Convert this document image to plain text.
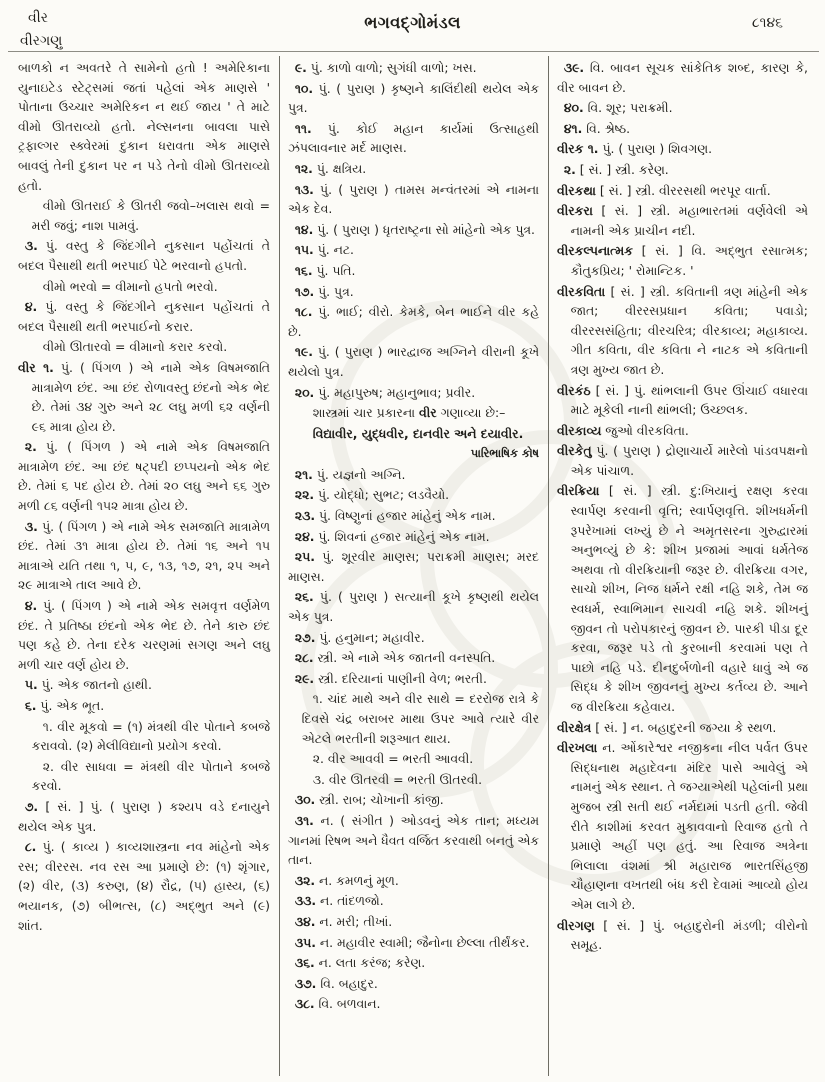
વીર	ભગવદ્ગોમંડલ	૮૧૪૬
વીરગણુ

બાળકો ન અવતરે તે સામેનો હતો ! અમેરિકાના યુનાઇટેડ સ્ટેટ્સમાં જતાં પહેલાં એક માણસે ' પોતાના ઉચ્ચાર અમેરિકન ન થઈ જાય ' તે માટે વીમો ઊતરાવ્યો હતો. નેલ્સનના બાવલા પાસે ટ્રફાલ્ગર સ્ક્વેરમાં દુકાન ધરાવતા એક માણસે બાવલું તેની દુકાન પર ન પડે તેનો વીમો ઊતરાવ્યો હતો.

વીમો ઊતરાઈ કે ઊતરી જવો–ખલાસ થવો = મરી જવું; નાશ પામવું.

૩. પું. વસ્તુ કે જિંદગીને નુકસાન પહોંચતાં તે બદલ પૈસાથી થતી ભરપાઈ પેટે ભરવાનો હપતો.

વીમો ભરવો = વીમાનો હપતો ભરવો.

૪. પું. વસ્તુ કે જિંદગીને નુકસાન પહોંચતાં તે બદલ પૈસાથી થતી ભરપાઈનો કરાર.

વીમો ઊતારવો = વીમાનો કરાર કરવો.

વીર ૧. પું. ( પિંગળ ) એ નામે એક વિષમજાતિ માત્રામેળ છંદ. આ છંદ રોળાવસ્તુ છંદનો એક ભેદ છે. તેમાં ૩૪ ગુરુ અને ૨૮ લઘુ મળી ૬૨ વર્ણની ૯૬ માત્રા હોય છે.

૨. પું. ( પિંગળ ) એ નામે એક વિષમજાતિ માત્રામેળ છંદ. આ છંદ ષટ્પદી છપ્પયનો એક ભેદ છે. તેમાં ૬ પદ હોય છે. તેમાં ૨૦ લઘુ અને ૬૬ ગુરુ મળી ૮૬ વર્ણની ૧૫૨ માત્રા હોય છે.

૩. પું. ( પિંગળ ) એ નામે એક સમજાતિ માત્રામેળ છંદ. તેમાં ૩૧ માત્રા હોય છે. તેમાં ૧૬ અને ૧૫ માત્રાએ યતિ તથા ૧, ૫, ૯, ૧૩, ૧૭, ૨૧, ૨૫ અને ૨૯ માત્રાએ તાલ આવે છે.

૪. પું. ( પિંગળ ) એ નામે એક સમવૃત્ત વર્ણમેળ છંદ. તે પ્રતિષ્ઠા છંદનો એક ભેદ છે. તેને કારુ છંદ પણ કહે છે. તેના દરેક ચરણમાં સગણ અને લઘુ મળી ચાર વર્ણ હોય છે.

૫. પું. એક જાતનો હાથી.

૬. પું. એક ભૂત.

૧. વીર મૂકવો = (૧) મંત્રથી વીર પોતાને કબજે કરાવવો. (૨) મેલીવિદ્યાનો પ્રયોગ કરવો.

૨. વીર સાધવા = મંત્રથી વીર પોતાને કબજે કરવો.

૭. [ સં. ] પું. ( પુરાણ ) કશ્યપ વડે દનાયુને થયેલ એક પુત્ર.

૮. પું. ( કાવ્ય ) કાવ્યશાસ્ત્રના નવ માંહેનો એક રસ; વીરરસ. નવ રસ આ પ્રમાણે છે: (૧) શૃંગાર, (૨) વીર, (૩) કરુણ, (૪) રૌદ્ર, (૫) હાસ્ય, (૬) ભયાનક, (૭) બીભત્સ, (૮) અદ્ભુત અને (૯) શાંત.

૯. પું. કાળો વાળો; સુગંધી વાળો; ખસ.

૧૦. પું. ( પુરાણ ) કૃષ્ણને કાલિંદીથી થયેલ એક પુત્ર.

૧૧. પું. કોઈ મહાન કાર્યમાં ઉત્સાહથી ઝંપલાવનાર મર્દ માણસ.

૧૨. પું. ક્ષત્રિય.

૧૩. પું. ( પુરાણ ) તામસ મન્વંતરમાં એ નામના એક દેવ.

૧૪. પું. ( પુરાણ ) ધૃતરાષ્ટ્રના સો માંહેનો એક પુત્ર.

૧૫. પું. નટ.

૧૬. પું. પતિ.

૧૭. પું. પુત્ર.

૧૮. પું. ભાઈ; વીરો. કેમકે, બેન ભાઈને વીર કહે છે.

૧૯. પું. ( પુરાણ ) ભારદ્વાજ અગ્નિને વીરાની કૂખે થયેલો પુત્ર.

૨૦. પું. મહાપુરુષ; મહાનુભાવ; પ્રવીર.

શાસ્ત્રમાં ચાર પ્રકારના વીર ગણાવ્યા છે:–

વિદ્યાવીર, યુદ્ધવીર, દાનવીર અને દયાવીર.

પારિભાષિક કોષ

૨૧. પું. યજ્ઞનો અગ્નિ.

૨૨. પું. યોદ્ધો; સુભટ; લડવૈયો.

૨૩. પું. વિષ્ણુનાં હજાર માંહેનું એક નામ.

૨૪. પું. શિવનાં હજાર માંહેનું એક નામ.

૨૫. પું. શૂરવીર માણસ; પરાક્રમી માણસ; મરદ માણસ.

૨૬. પું. ( પુરાણ ) સત્યાની કૂખે કૃષ્ણથી થયેલ એક પુત્ર.

૨૭. પું. હનુમાન; મહાવીર.

૨૮. સ્ત્રી. એ નામે એક જાતની વનસ્પતિ.

૨૯. સ્ત્રી. દરિયાનાં પાણીની વેળ; ભરતી.

૧. ચાંદ માથે અને વીર સાથે = દરરોજ રાત્રે કે દિવસે ચંદ્ર બરાબર માથા ઉપર આવે ત્યારે વીર એટલે ભરતીની શરૂઆત થાય.

૨. વીર આવવી = ભરતી આવવી.

૩. વીર ઊતરવી = ભરતી ઊતરવી.

૩૦. સ્ત્રી. રાબ; ચોખાની કાંજી.

૩૧. ન. ( સંગીત ) ઓડવનું એક તાન; મધ્યમ ગાનમાં રિષભ અને ધૈવત વર્જિત કરવાથી બનતું એક તાન.

૩૨. ન. કમળનું મૂળ.

૩૩. ન. તાંદળજો.

૩૪. ન. મરી; તીખાં.

૩૫. ન. મહાવીર સ્વામી; જૈનોના છેલ્લા તીર્થંકર.

૩૬. ન. લતા કરંજ; કરેણ.

૩૭. વિ. બહાદુર.

૩૮. વિ. બળવાન.

૩૯. વિ. બાવન સૂચક સાંકેતિક શબ્દ, કારણ કે, વીર બાવન છે.

૪૦. વિ. શૂર; પરાક્રમી.

૪૧. વિ. શ્રેષ્ઠ.

વીરક ૧. પું. ( પુરાણ ) શિવગણ.

૨. [ સં. ] સ્ત્રી. કરેણ.

વીરકથા [ સં. ] સ્ત્રી. વીરરસથી ભરપૂર વાર્તા.

વીરકરા [ સં. ] સ્ત્રી. મહાભારતમાં વર્ણવેલી એ નામની એક પ્રાચીન નદી.

વીરકલ્પનાત્મક [ સં. ] વિ. અદ્ભુત રસાત્મક; કૌતુકપ્રિય; ' રોમાન્ટિક. '

વીરકવિતા [ સં. ] સ્ત્રી. કવિતાની ત્રણ માંહેની એક જાત; વીરરસપ્રધાન કવિતા; પવાડો; વીરરસસંહિતા; વીરચરિત્ર; વીરકાવ્ય; મહાકાવ્ય. ગીત કવિતા, વીર કવિતા ને નાટક એ કવિતાની ત્રણ મુખ્ય જાત છે.

વીરકંઠ [ સં. ] પું. થાંભલાની ઉપર ઊંચાઈ વધારવા માટે મૂકેલી નાની થાંભલી; ઉચ્છલક.

વીરકાવ્ય જુઓ વીરકવિતા.

વીરકેતુ પું. ( પુરાણ ) દ્રોણાચાર્યે મારેલો પાંડવપક્ષનો એક પાંચાળ.

વીરક્રિયા [ સં. ] સ્ત્રી. દુ:ખિયાનું રક્ષણ કરવા સ્વાર્પણ કરવાની વૃત્તિ; સ્વાર્પણવૃત્તિ. શીખધર્મની રૂપરેખામાં લખ્યું છે ને અમૃતસરના ગુરુદ્વારમાં અનુભવ્યું છે કે: શીખ પ્રજામાં આવાં ધર્મતેજ અથવા તો વીરક્રિયાની જરૂર છે. વીરક્રિયા વગર, સાચો શીખ, નિજ ધર્મને રક્ષી નહિ શકે, તેમ જ સ્વધર્મ, સ્વાભિમાન સાચવી નહિ શકે. શીખનું જીવન તો પરોપકારનું જીવન છે. પારકી પીડા દૂર કરવા, જરૂર પડે તો કુરબાની કરવામાં પણ તે પાછો નહિ પડે. દીનદુર્બળોની વહારે ધાવું એ જ સિદ્ધ કે શીખ જીવનનું મુખ્ય કર્તવ્ય છે. આને જ વીરક્રિયા કહેવાય.

વીરક્ષેત્ર [ સં. ] ન. બહાદુરની જગ્યા કે સ્થળ.

વીરખલા ન. ઓંકારેશ્વર નજીકના નીલ પર્વત ઉપર સિદ્ધનાથ મહાદેવના મંદિર પાસે આવેલું એ નામનું એક સ્થાન. તે જગ્યાએથી પહેલાંની પ્રથા મુજબ સ્ત્રી સતી થઈ નર્મદામાં પડતી હતી. જેવી રીતે કાશીમાં કરવત મુકાવવાનો રિવાજ હતો તે પ્રમાણે અહીં પણ હતું. આ રિવાજ અત્રેના ભિલાલા વંશમાં શ્રી મહારાજ ભારતસિંહજી ચૌહાણના વખતથી બંધ કરી દેવામાં આવ્યો હોય એમ લાગે છે.

વીરગણ [ સં. ] પું. બહાદુરોની મંડળી; વીરોનો સમૂહ.
